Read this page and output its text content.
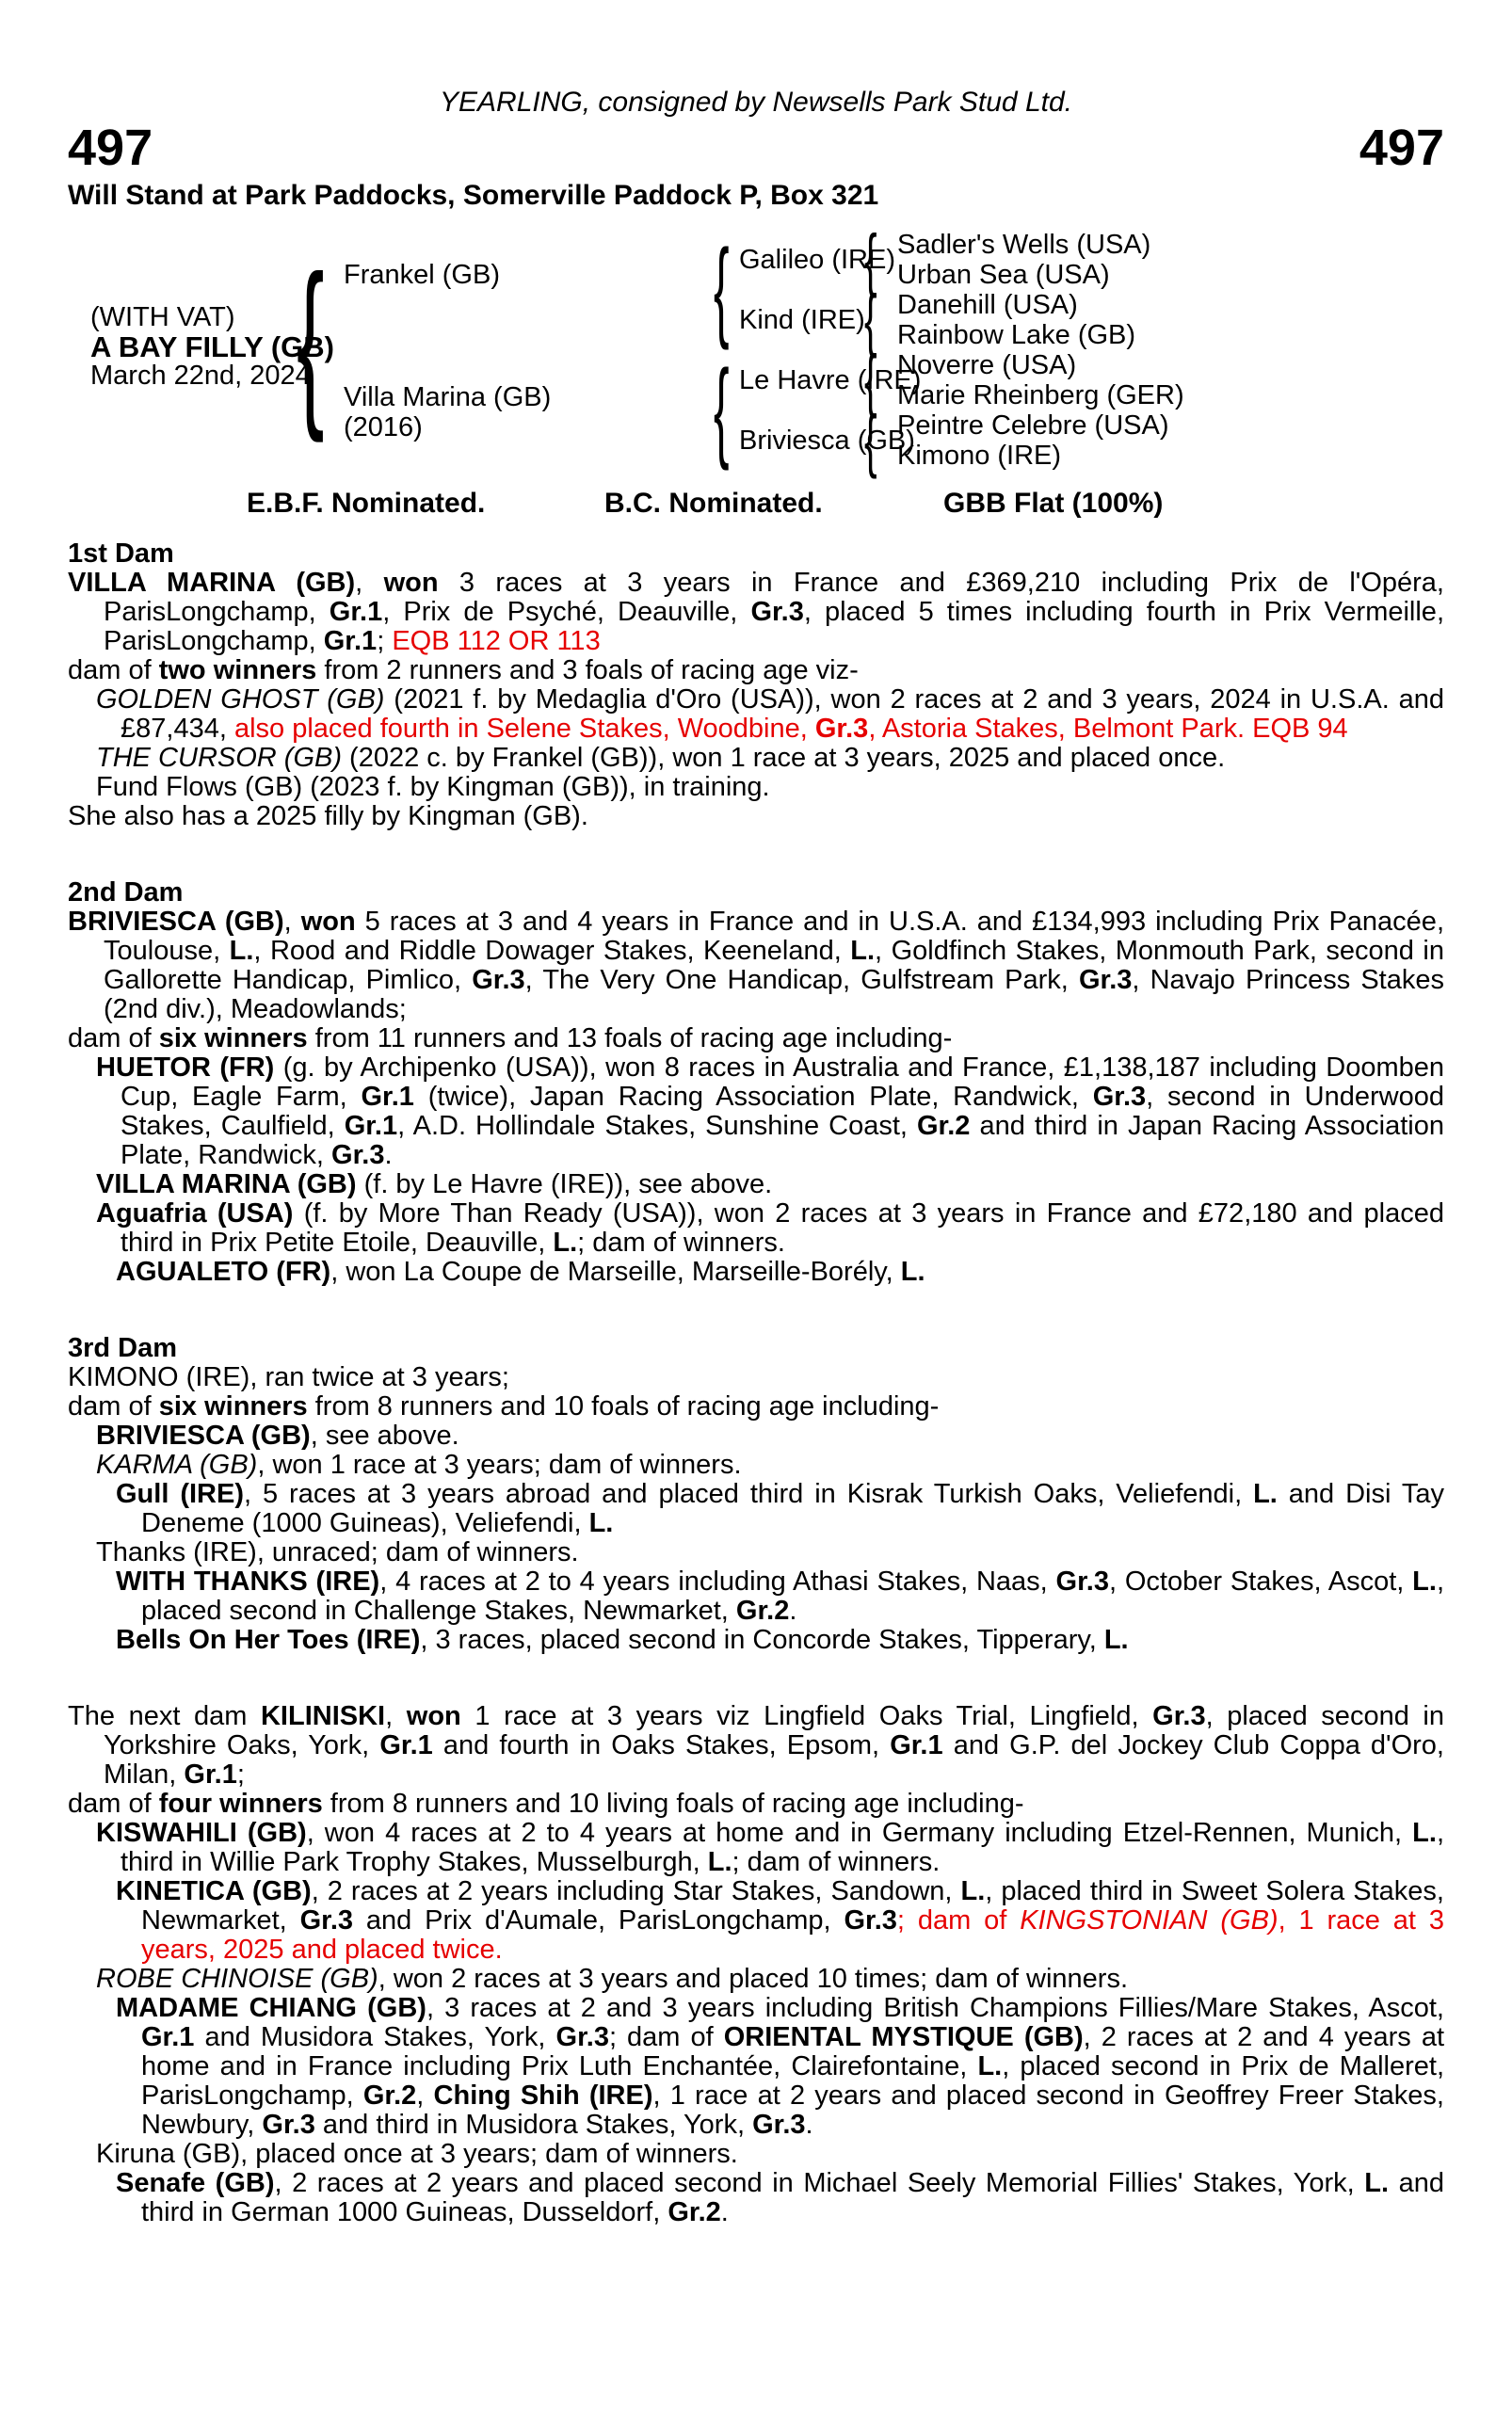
YEARLING, consigned by Newsells Park Stud Ltd.
497	497
Will Stand at Park Paddocks, Somerville Paddock P, Box 321
(WITH VAT)
A BAY FILLY (GB)
March 22nd, 2024
{
Frankel (GB)
Villa Marina (GB)
(2016)
{
{
Galileo (IRE)
Kind (IRE)
Le Havre (IRE)
Briviesca (GB)
{
{
{
{
Sadler's Wells (USA)
Urban Sea (USA)
Danehill (USA)
Rainbow Lake (GB)
Noverre (USA)
Marie Rheinberg (GER)
Peintre Celebre (USA)
Kimono (IRE)
E.B.F. Nominated.	B.C. Nominated.	GBB Flat (100%)
1st Dam

VILLA MARINA (GB), won 3 races at 3 years in France and £369,210 including Prix de l'Opéra, ParisLongchamp, Gr.1, Prix de Psyché, Deauville, Gr.3, placed 5 times including fourth in Prix Vermeille, ParisLongchamp, Gr.1; EQB 112 OR 113

dam of two winners from 2 runners and 3 foals of racing age viz-

GOLDEN GHOST (GB) (2021 f. by Medaglia d'Oro (USA)), won 2 races at 2 and 3 years, 2024 in U.S.A. and £87,434, also placed fourth in Selene Stakes, Woodbine, Gr.3, Astoria Stakes, Belmont Park. EQB 94

THE CURSOR (GB) (2022 c. by Frankel (GB)), won 1 race at 3 years, 2025 and placed once.

Fund Flows (GB) (2023 f. by Kingman (GB)), in training.

She also has a 2025 filly by Kingman (GB).

2nd Dam

BRIVIESCA (GB), won 5 races at 3 and 4 years in France and in U.S.A. and £134,993 including Prix Panacée, Toulouse, L., Rood and Riddle Dowager Stakes, Keeneland, L., Goldfinch Stakes, Monmouth Park, second in Gallorette Handicap, Pimlico, Gr.3, The Very One Handicap, Gulfstream Park, Gr.3, Navajo Princess Stakes (2nd div.), Meadowlands;

dam of six winners from 11 runners and 13 foals of racing age including-

HUETOR (FR) (g. by Archipenko (USA)), won 8 races in Australia and France, £1,138,187 including Doomben Cup, Eagle Farm, Gr.1 (twice), Japan Racing Association Plate, Randwick, Gr.3, second in Underwood Stakes, Caulfield, Gr.1, A.D. Hollindale Stakes, Sunshine Coast, Gr.2 and third in Japan Racing Association Plate, Randwick, Gr.3.

VILLA MARINA (GB) (f. by Le Havre (IRE)), see above.

Aguafria (USA) (f. by More Than Ready (USA)), won 2 races at 3 years in France and £72,180 and placed third in Prix Petite Etoile, Deauville, L.; dam of winners.

AGUALETO (FR), won La Coupe de Marseille, Marseille-Borély, L.

3rd Dam

KIMONO (IRE), ran twice at 3 years;

dam of six winners from 8 runners and 10 foals of racing age including-

BRIVIESCA (GB), see above.

KARMA (GB), won 1 race at 3 years; dam of winners.

Gull (IRE), 5 races at 3 years abroad and placed third in Kisrak Turkish Oaks, Veliefendi, L. and Disi Tay Deneme (1000 Guineas), Veliefendi, L.

Thanks (IRE), unraced; dam of winners.

WITH THANKS (IRE), 4 races at 2 to 4 years including Athasi Stakes, Naas, Gr.3, October Stakes, Ascot, L., placed second in Challenge Stakes, Newmarket, Gr.2.

Bells On Her Toes (IRE), 3 races, placed second in Concorde Stakes, Tipperary, L.

The next dam KILINISKI, won 1 race at 3 years viz Lingfield Oaks Trial, Lingfield, Gr.3, placed second in Yorkshire Oaks, York, Gr.1 and fourth in Oaks Stakes, Epsom, Gr.1 and G.P. del Jockey Club Coppa d'Oro, Milan, Gr.1;

dam of four winners from 8 runners and 10 living foals of racing age including-

KISWAHILI (GB), won 4 races at 2 to 4 years at home and in Germany including Etzel-Rennen, Munich, L., third in Willie Park Trophy Stakes, Musselburgh, L.; dam of winners.

KINETICA (GB), 2 races at 2 years including Star Stakes, Sandown, L., placed third in Sweet Solera Stakes, Newmarket, Gr.3 and Prix d'Aumale, ParisLongchamp, Gr.3; dam of KINGSTONIAN (GB), 1 race at 3 years, 2025 and placed twice.

ROBE CHINOISE (GB), won 2 races at 3 years and placed 10 times; dam of winners.

MADAME CHIANG (GB), 3 races at 2 and 3 years including British Champions Fillies/Mare Stakes, Ascot, Gr.1 and Musidora Stakes, York, Gr.3; dam of ORIENTAL MYSTIQUE (GB), 2 races at 2 and 4 years at home and in France including Prix Luth Enchantée, Clairefontaine, L., placed second in Prix de Malleret, ParisLongchamp, Gr.2, Ching Shih (IRE), 1 race at 2 years and placed second in Geoffrey Freer Stakes, Newbury, Gr.3 and third in Musidora Stakes, York, Gr.3.

Kiruna (GB), placed once at 3 years; dam of winners.

Senafe (GB), 2 races at 2 years and placed second in Michael Seely Memorial Fillies' Stakes, York, L. and third in German 1000 Guineas, Dusseldorf, Gr.2.
